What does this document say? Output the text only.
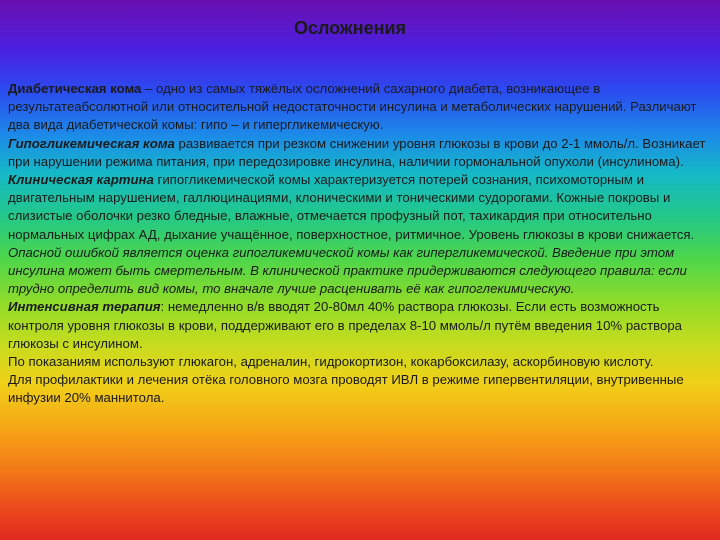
Осложнения

Диабетическая кома – одно из самых тяжёлых осложнений сахарного диабета, возникающее в результатеабсолютной или относительной недостаточности инсулина и метаболических нарушений. Различают два вида диабетической комы: гипо – и гипергликемическую.

Гипогликемическая кома развивается при резком снижении уровня глюкозы в крови до 2-1 ммоль/л. Возникает при нарушении режима питания, при передозировке инсулина, наличии гормональной опухоли (инсулинома).

Клиническая картина гипогликемической комы характеризуется потерей сознания, психомоторным и двигательным нарушением, галлюцинациями, клоническими и тоническими судорогами. Кожные покровы и слизистые оболочки резко бледные, влажные, отмечается профузный пот, тахикардия при относительно нормальных цифрах АД, дыхание учащённое, поверхностное, ритмичное. Уровень глюкозы в крови снижается. Опасной ошибкой является оценка гипогликемической комы как гипергликемической. Введение при этом инсулина может быть смертельным. В клинической практике придерживаются следующего правила: если трудно определить вид комы, то вначале лучше расценивать её как гипоглекимическую.

Интенсивная терапия: немедленно в/в вводят 20-80мл 40% раствора глюкозы. Если есть возможность контроля уровня глюкозы в крови, поддерживают его в пределах 8-10 ммоль/л путём введения 10% раствора глюкозы с инсулином.

По показаниям используют глюкагон, адреналин, гидрокортизон, кокарбоксилазу, аскорбиновую кислоту.

Для профилактики и лечения отёка головного мозга проводят ИВЛ в режиме гипервентиляции, внутривенные инфузии 20% маннитола.
